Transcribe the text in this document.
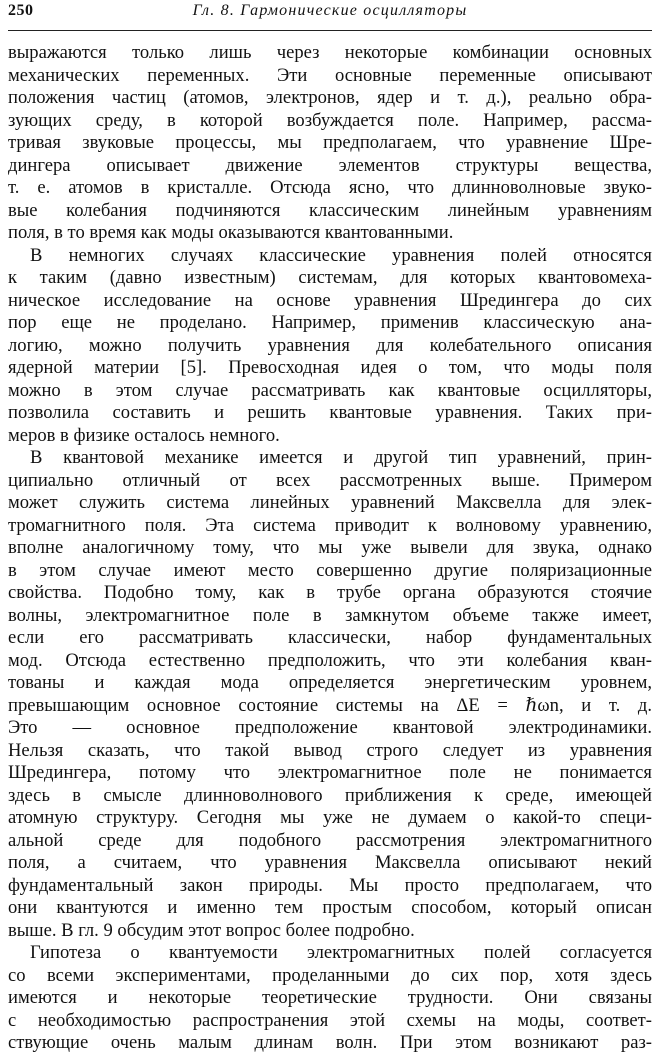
250	Гл. 8. Гармонические осцилляторы
выражаются только лишь через некоторые комбинации основных
механических переменных. Эти основные переменные описывают
положения частиц (атомов, электронов, ядер и т. д.), реально обра-
зующих среду, в которой возбуждается поле. Например, рассма-
тривая звуковые процессы, мы предполагаем, что уравнение Шре-
дингера описывает движение элементов структуры вещества,
т. е. атомов в кристалле. Отсюда ясно, что длинноволновые звуко-
вые колебания подчиняются классическим линейным уравнениям
поля, в то время как моды оказываются квантованными.
В немногих случаях классические уравнения полей относятся
к таким (давно известным) системам, для которых квантовомеха-
ническое исследование на основе уравнения Шредингера до сих
пор еще не проделано. Например, применив классическую ана-
логию, можно получить уравнения для колебательного описания
ядерной материи [5]. Превосходная идея о том, что моды поля
можно в этом случае рассматривать как квантовые осцилляторы,
позволила составить и решить квантовые уравнения. Таких при-
меров в физике осталось немного.
В квантовой механике имеется и другой тип уравнений, прин-
ципиально отличный от всех рассмотренных выше. Примером
может служить система линейных уравнений Максвелла для элек-
тромагнитного поля. Эта система приводит к волновому уравнению,
вполне аналогичному тому, что мы уже вывели для звука, однако
в этом случае имеют место совершенно другие поляризационные
свойства. Подобно тому, как в трубе органа образуются стоячие
волны, электромагнитное поле в замкнутом объеме также имеет,
если его рассматривать классически, набор фундаментальных
мод. Отсюда естественно предположить, что эти колебания кван-
тованы и каждая мода определяется энергетическим уровнем,
превышающим основное состояние системы на ΔE = ℏωn, и т. д.
Это — основное предположение квантовой электродинамики.
Нельзя сказать, что такой вывод строго следует из уравнения
Шредингера, потому что электромагнитное поле не понимается
здесь в смысле длинноволнового приближения к среде, имеющей
атомную структуру. Сегодня мы уже не думаем о какой-то специ-
альной среде для подобного рассмотрения электромагнитного
поля, а считаем, что уравнения Максвелла описывают некий
фундаментальный закон природы. Мы просто предполагаем, что
они квантуются и именно тем простым способом, который описан
выше. В гл. 9 обсудим этот вопрос более подробно.
Гипотеза о квантуемости электромагнитных полей согласуется
со всеми экспериментами, проделанными до сих пор, хотя здесь
имеются и некоторые теоретические трудности. Они связаны
с необходимостью распространения этой схемы на моды, соответ-
ствующие очень малым длинам волн. При этом возникают раз-
